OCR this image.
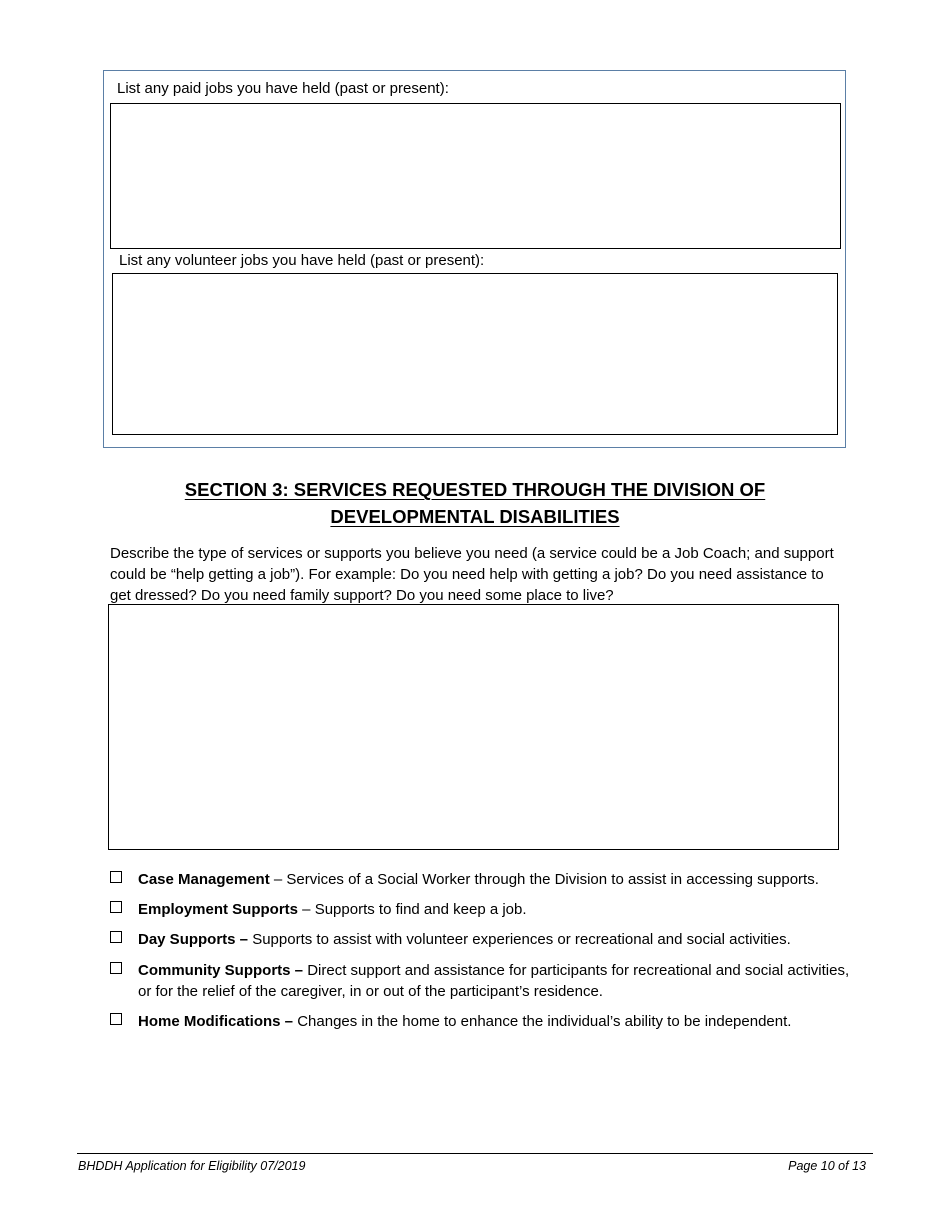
List any paid jobs you have held (past or present):
List any volunteer jobs you have held (past or present):
SECTION 3: SERVICES REQUESTED THROUGH THE DIVISION OF
DEVELOPMENTAL DISABILITIES
Describe the type of services or supports you believe you need (a service could be a Job Coach; and support could be “help getting a job”). For example: Do you need help with getting a job? Do you need assistance to get dressed? Do you need family support? Do you need some place to live?
Case Management – Services of a Social Worker through the Division to assist in accessing supports.
Employment Supports – Supports to find and keep a job.
Day Supports – Supports to assist with volunteer experiences or recreational and social activities.
Community Supports – Direct support and assistance for participants for recreational and social activities, or for the relief of the caregiver, in or out of the participant’s residence.
Home Modifications – Changes in the home to enhance the individual’s ability to be independent.
BHDDH Application for Eligibility 07/2019	Page 10 of 13
